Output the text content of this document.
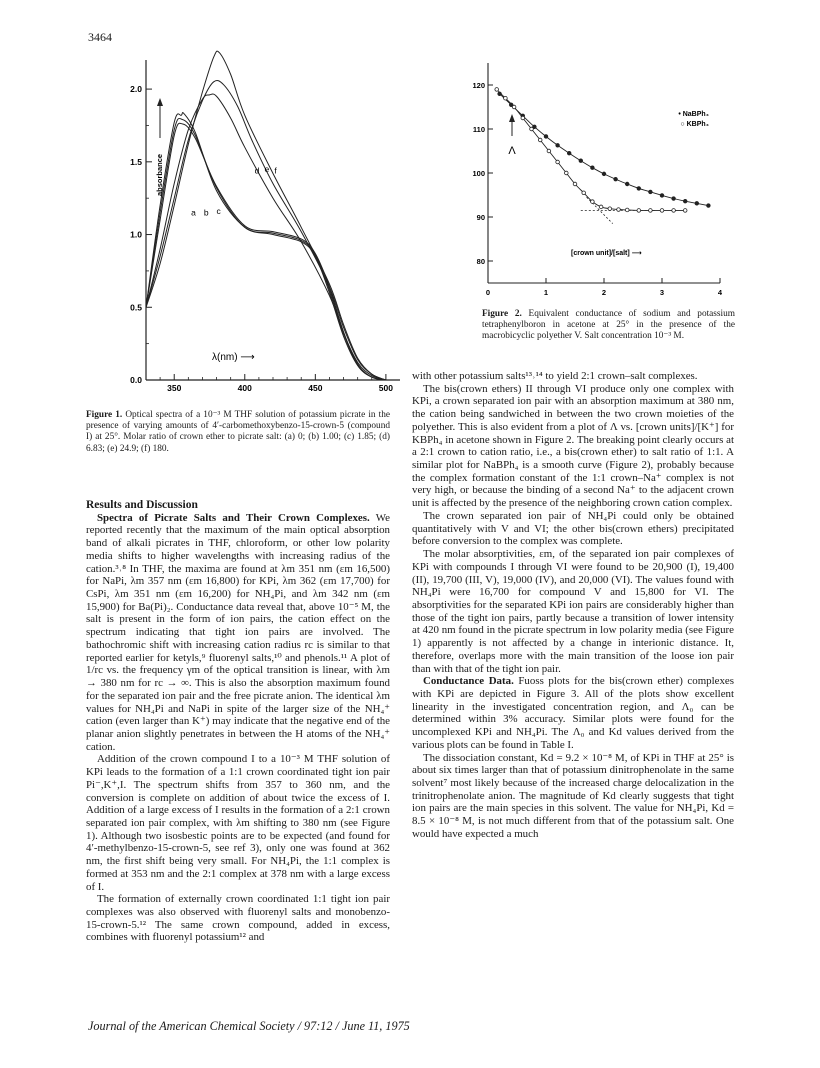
3464
2.0
1.5
1.0
0.5
0.0
350	400	450	500
absorbance
λ(nm) ⟶
a b c
d e f
Figure 1. Optical spectra of a 10⁻³ M THF solution of potassium picrate in the presence of varying amounts of 4′-carbomethoxybenzo-15-crown-5 (compound I) at 25°. Molar ratio of crown ether to picrate salt: (a) 0; (b) 1.00; (c) 1.85; (d) 6.83; (e) 24.9; (f) 180.
120
110
100
90
80
0	1	2	3	4
Λ
[crown unit]/[salt] ⟶
• NaBPh₄
○ KBPh₄
Figure 2. Equivalent conductance of sodium and potassium tetraphenylboron in acetone at 25° in the presence of the macrobicyclic polyether V. Salt concentration 10⁻³ M.

Results and Discussion

Spectra of Picrate Salts and Their Crown Complexes. We reported recently that the maximum of the main optical absorption band of alkali picrates in THF, chloroform, or other low polarity media shifts to higher wavelengths with increasing radius of the cation.³˒⁸ In THF, the maxima are found at λm 351 nm (εm 16,500) for NaPi, λm 357 nm (εm 16,800) for KPi, λm 362 (εm 17,700) for CsPi, λm 351 nm (εm 16,200) for NH₄Pi, and λm 342 nm (εm 15,900) for Ba(Pi)₂. Conductance data reveal that, above 10⁻⁵ M, the salt is present in the form of ion pairs, the cation effect on the spectrum indicating that tight ion pairs are involved. The bathochromic shift with increasing cation radius rc is similar to that reported earlier for ketyls,⁹ fluorenyl salts,¹⁰ and phenols.¹¹ A plot of 1/rc vs. the frequency γm of the optical transition is linear, with λm → 380 nm for rc → ∞. This is also the absorption maximum found for the separated ion pair and the free picrate anion. The identical λm values for NH₄Pi and NaPi in spite of the larger size of the NH₄⁺ cation (even larger than K⁺) may indicate that the negative end of the planar anion slightly penetrates in between the H atoms of the NH₄⁺ cation.

Addition of the crown compound I to a 10⁻³ M THF solution of KPi leads to the formation of a 1:1 crown coordinated tight ion pair Pi⁻,K⁺,I. The spectrum shifts from 357 to 360 nm, and the conversion is complete on addition of about twice the excess of I. Addition of a large excess of I results in the formation of a 2:1 crown separated ion pair complex, with λm shifting to 380 nm (see Figure 1). Although two isosbestic points are to be expected (and found for 4′-methylbenzo-15-crown-5, see ref 3), only one was found at 362 nm, the first shift being very small. For NH₄Pi, the 1:1 complex is formed at 353 nm and the 2:1 complex at 378 nm with a large excess of I.

The formation of externally crown coordinated 1:1 tight ion pair complexes was also observed with fluorenyl salts and monobenzo-15-crown-5.¹² The same crown compound, added in excess, combines with fluorenyl potassium¹² and

with other potassium salts¹³˒¹⁴ to yield 2:1 crown–salt complexes.

The bis(crown ethers) II through VI produce only one complex with KPi, a crown separated ion pair with an absorption maximum at 380 nm, the cation being sandwiched in between the two crown moieties of the polyether. This is also evident from a plot of Λ vs. [crown units]/[K⁺] for KBPh₄ in acetone shown in Figure 2. The breaking point clearly occurs at a 2:1 crown to cation ratio, i.e., a bis(crown ether) to salt ratio of 1:1. A similar plot for NaBPh₄ is a smooth curve (Figure 2), probably because the complex formation constant of the 1:1 crown–Na⁺ complex is not very high, or because the binding of a second Na⁺ to the adjacent crown unit is affected by the presence of the neighboring crown cation complex.

The crown separated ion pair of NH₄Pi could only be obtained quantitatively with V and VI; the other bis(crown ethers) precipitated before conversion to the complex was complete.

The molar absorptivities, εm, of the separated ion pair complexes of KPi with compounds I through VI were found to be 20,900 (I), 19,400 (II), 19,700 (III, V), 19,000 (IV), and 20,000 (VI). The values found with NH₄Pi were 16,700 for compound V and 15,800 for VI. The absorptivities for the separated KPi ion pairs are considerably higher than those of the tight ion pairs, partly because a transition of lower intensity at 420 nm found in the picrate spectrum in low polarity media (see Figure 1) apparently is not affected by a change in interionic distance. It, therefore, overlaps more with the main transition of the loose ion pair than with that of the tight ion pair.

Conductance Data. Fuoss plots for the bis(crown ether) complexes with KPi are depicted in Figure 3. All of the plots show excellent linearity in the investigated concentration region, and Λ₀ can be determined within 3% accuracy. Similar plots were found for the uncomplexed KPi and NH₄Pi. The Λ₀ and Kd values derived from the various plots can be found in Table I.

The dissociation constant, Kd = 9.2 × 10⁻⁸ M, of KPi in THF at 25° is about six times larger than that of potassium dinitrophenolate in the same solvent⁷ most likely because of the increased charge delocalization in the trinitrophenolate anion. The magnitude of Kd clearly suggests that tight ion pairs are the main species in this solvent. The value for NH₄Pi, Kd = 8.5 × 10⁻⁸ M, is not much different from that of the potassium salt. One would have expected a much

Journal of the American Chemical Society / 97:12 / June 11, 1975
